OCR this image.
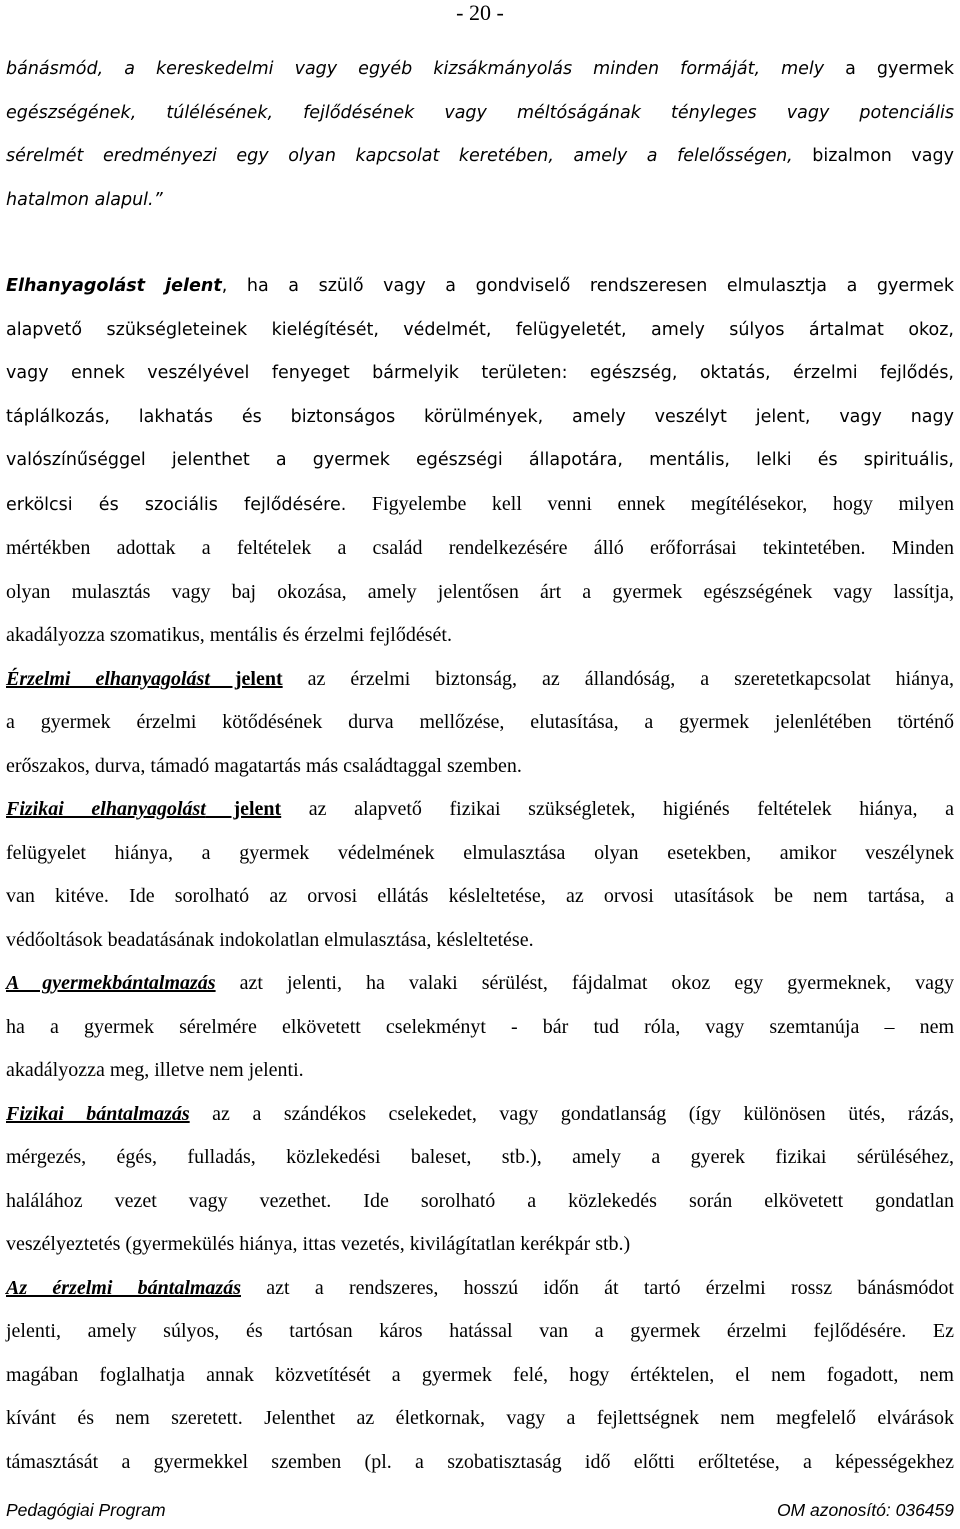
- 20 -

bánásmód, a kereskedelmi vagy egyéb kizsákmányolás minden formáját, mely a gyermek

egészségének, túlélésének, fejlődésének vagy méltóságának tényleges vagy potenciális

sérelmét eredményezi egy olyan kapcsolat keretében, amely a felelősségen, bizalmon vagy

hatalmon alapul.”

Elhanyagolást jelent, ha a szülő vagy a gondviselő rendszeresen elmulasztja a gyermek

alapvető szükségleteinek kielégítését, védelmét, felügyeletét, amely súlyos ártalmat okoz,

vagy ennek veszélyével fenyeget bármelyik területen: egészség, oktatás, érzelmi fejlődés,

táplálkozás, lakhatás és biztonságos körülmények, amely veszélyt jelent, vagy nagy

valószínűséggel jelenthet a gyermek egészségi állapotára, mentális, lelki és spirituális,

erkölcsi és szociális fejlődésére. Figyelembe kell venni ennek megítélésekor, hogy milyen

mértékben adottak a feltételek a család rendelkezésére álló erőforrásai tekintetében. Minden

olyan mulasztás vagy baj okozása, amely jelentősen árt a gyermek egészségének vagy lassítja,

akadályozza szomatikus, mentális és érzelmi fejlődését.

Érzelmi elhanyagolást jelent az érzelmi biztonság, az állandóság, a szeretetkapcsolat hiánya,

a gyermek érzelmi kötődésének durva mellőzése, elutasítása, a gyermek jelenlétében történő

erőszakos, durva, támadó magatartás más családtaggal szemben.

Fizikai elhanyagolást jelent az alapvető fizikai szükségletek, higiénés feltételek hiánya, a

felügyelet hiánya, a gyermek védelmének elmulasztása olyan esetekben, amikor veszélynek

van kitéve. Ide sorolható az orvosi ellátás késleltetése, az orvosi utasítások be nem tartása, a

védőoltások beadatásának indokolatlan elmulasztása, késleltetése.

A gyermekbántalmazás azt jelenti, ha valaki sérülést, fájdalmat okoz egy gyermeknek, vagy

ha a gyermek sérelmére elkövetett cselekményt - bár tud róla, vagy szemtanúja – nem

akadályozza meg, illetve nem jelenti.

Fizikai bántalmazás az a szándékos cselekedet, vagy gondatlanság (így különösen ütés, rázás,

mérgezés, égés, fulladás, közlekedési baleset, stb.), amely a gyerek fizikai sérüléséhez,

halálához vezet vagy vezethet. Ide sorolható a közlekedés során elkövetett gondatlan

veszélyeztetés (gyermekülés hiánya, ittas vezetés, kivilágítatlan kerékpár stb.)

Az érzelmi bántalmazás azt a rendszeres, hosszú időn át tartó érzelmi rossz bánásmódot

jelenti, amely súlyos, és tartósan káros hatással van a gyermek érzelmi fejlődésére. Ez

magában foglalhatja annak közvetítését a gyermek felé, hogy értéktelen, el nem fogadott, nem

kívánt és nem szeretett. Jelenthet az életkornak, vagy a fejlettségnek nem megfelelő elvárások

támasztását a gyermekkel szemben (pl. a szobatisztaság idő előtti erőltetése, a képességekhez

Pedagógiai Program	OM azonosító: 036459
